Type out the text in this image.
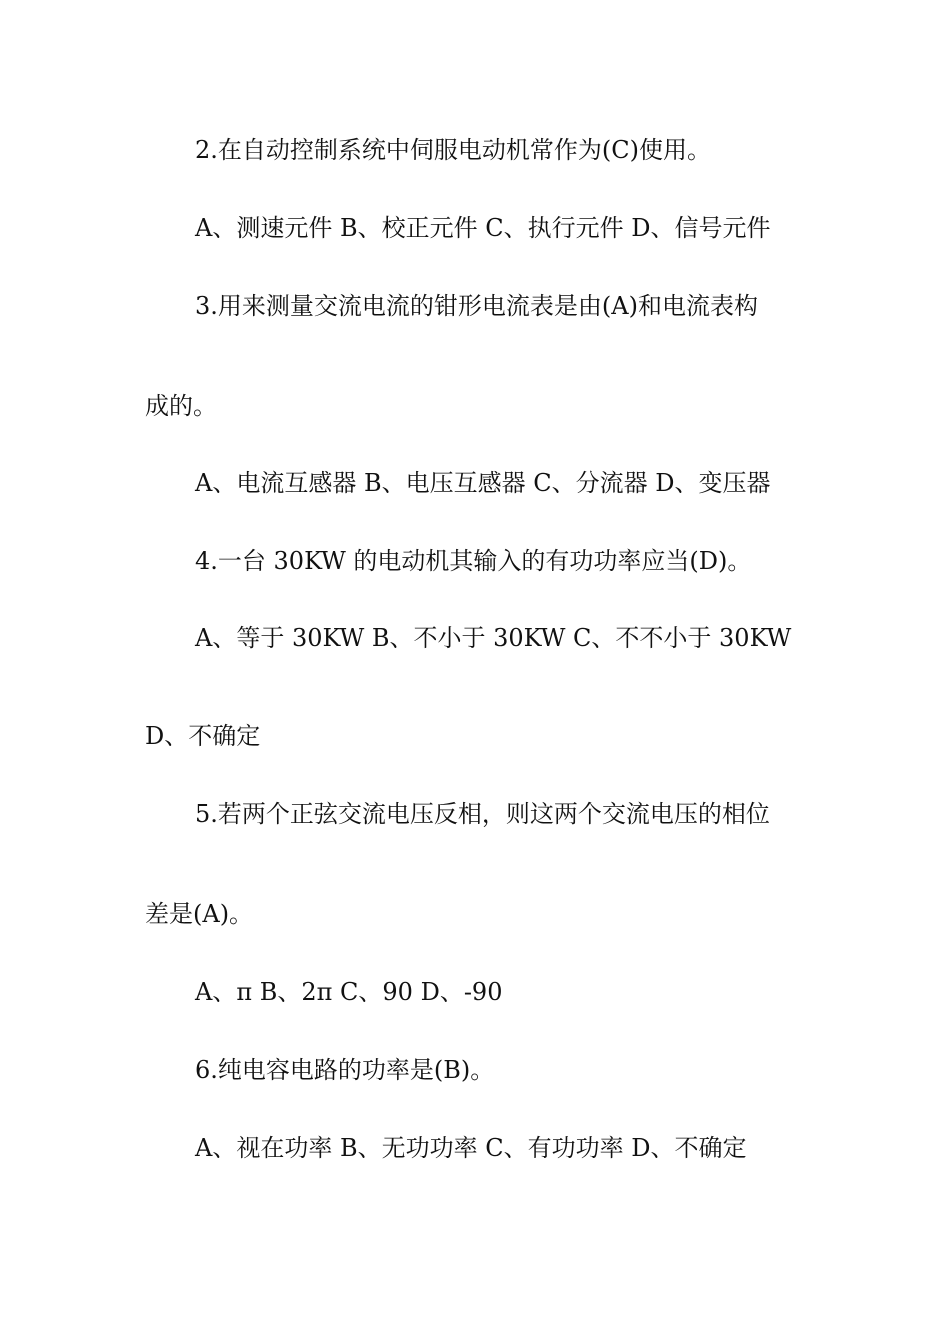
2.在自动控制系统中伺服电动机常作为(C)使用。
A、测速元件 B、校正元件 C、执行元件 D、信号元件
3.用来测量交流电流的钳形电流表是由(A)和电流表构
成的。
A、电流互感器 B、电压互感器 C、分流器 D、变压器
4.一台 30KW 的电动机其输入的有功功率应当(D)。
A、等于 30KW B、不小于 30KW C、不不小于 30KW
D、不确定
5.若两个正弦交流电压反相，则这两个交流电压的相位
差是(A)。
A、π B、2π C、90 D、-90
6.纯电容电路的功率是(B)。
A、视在功率 B、无功功率 C、有功功率 D、不确定
